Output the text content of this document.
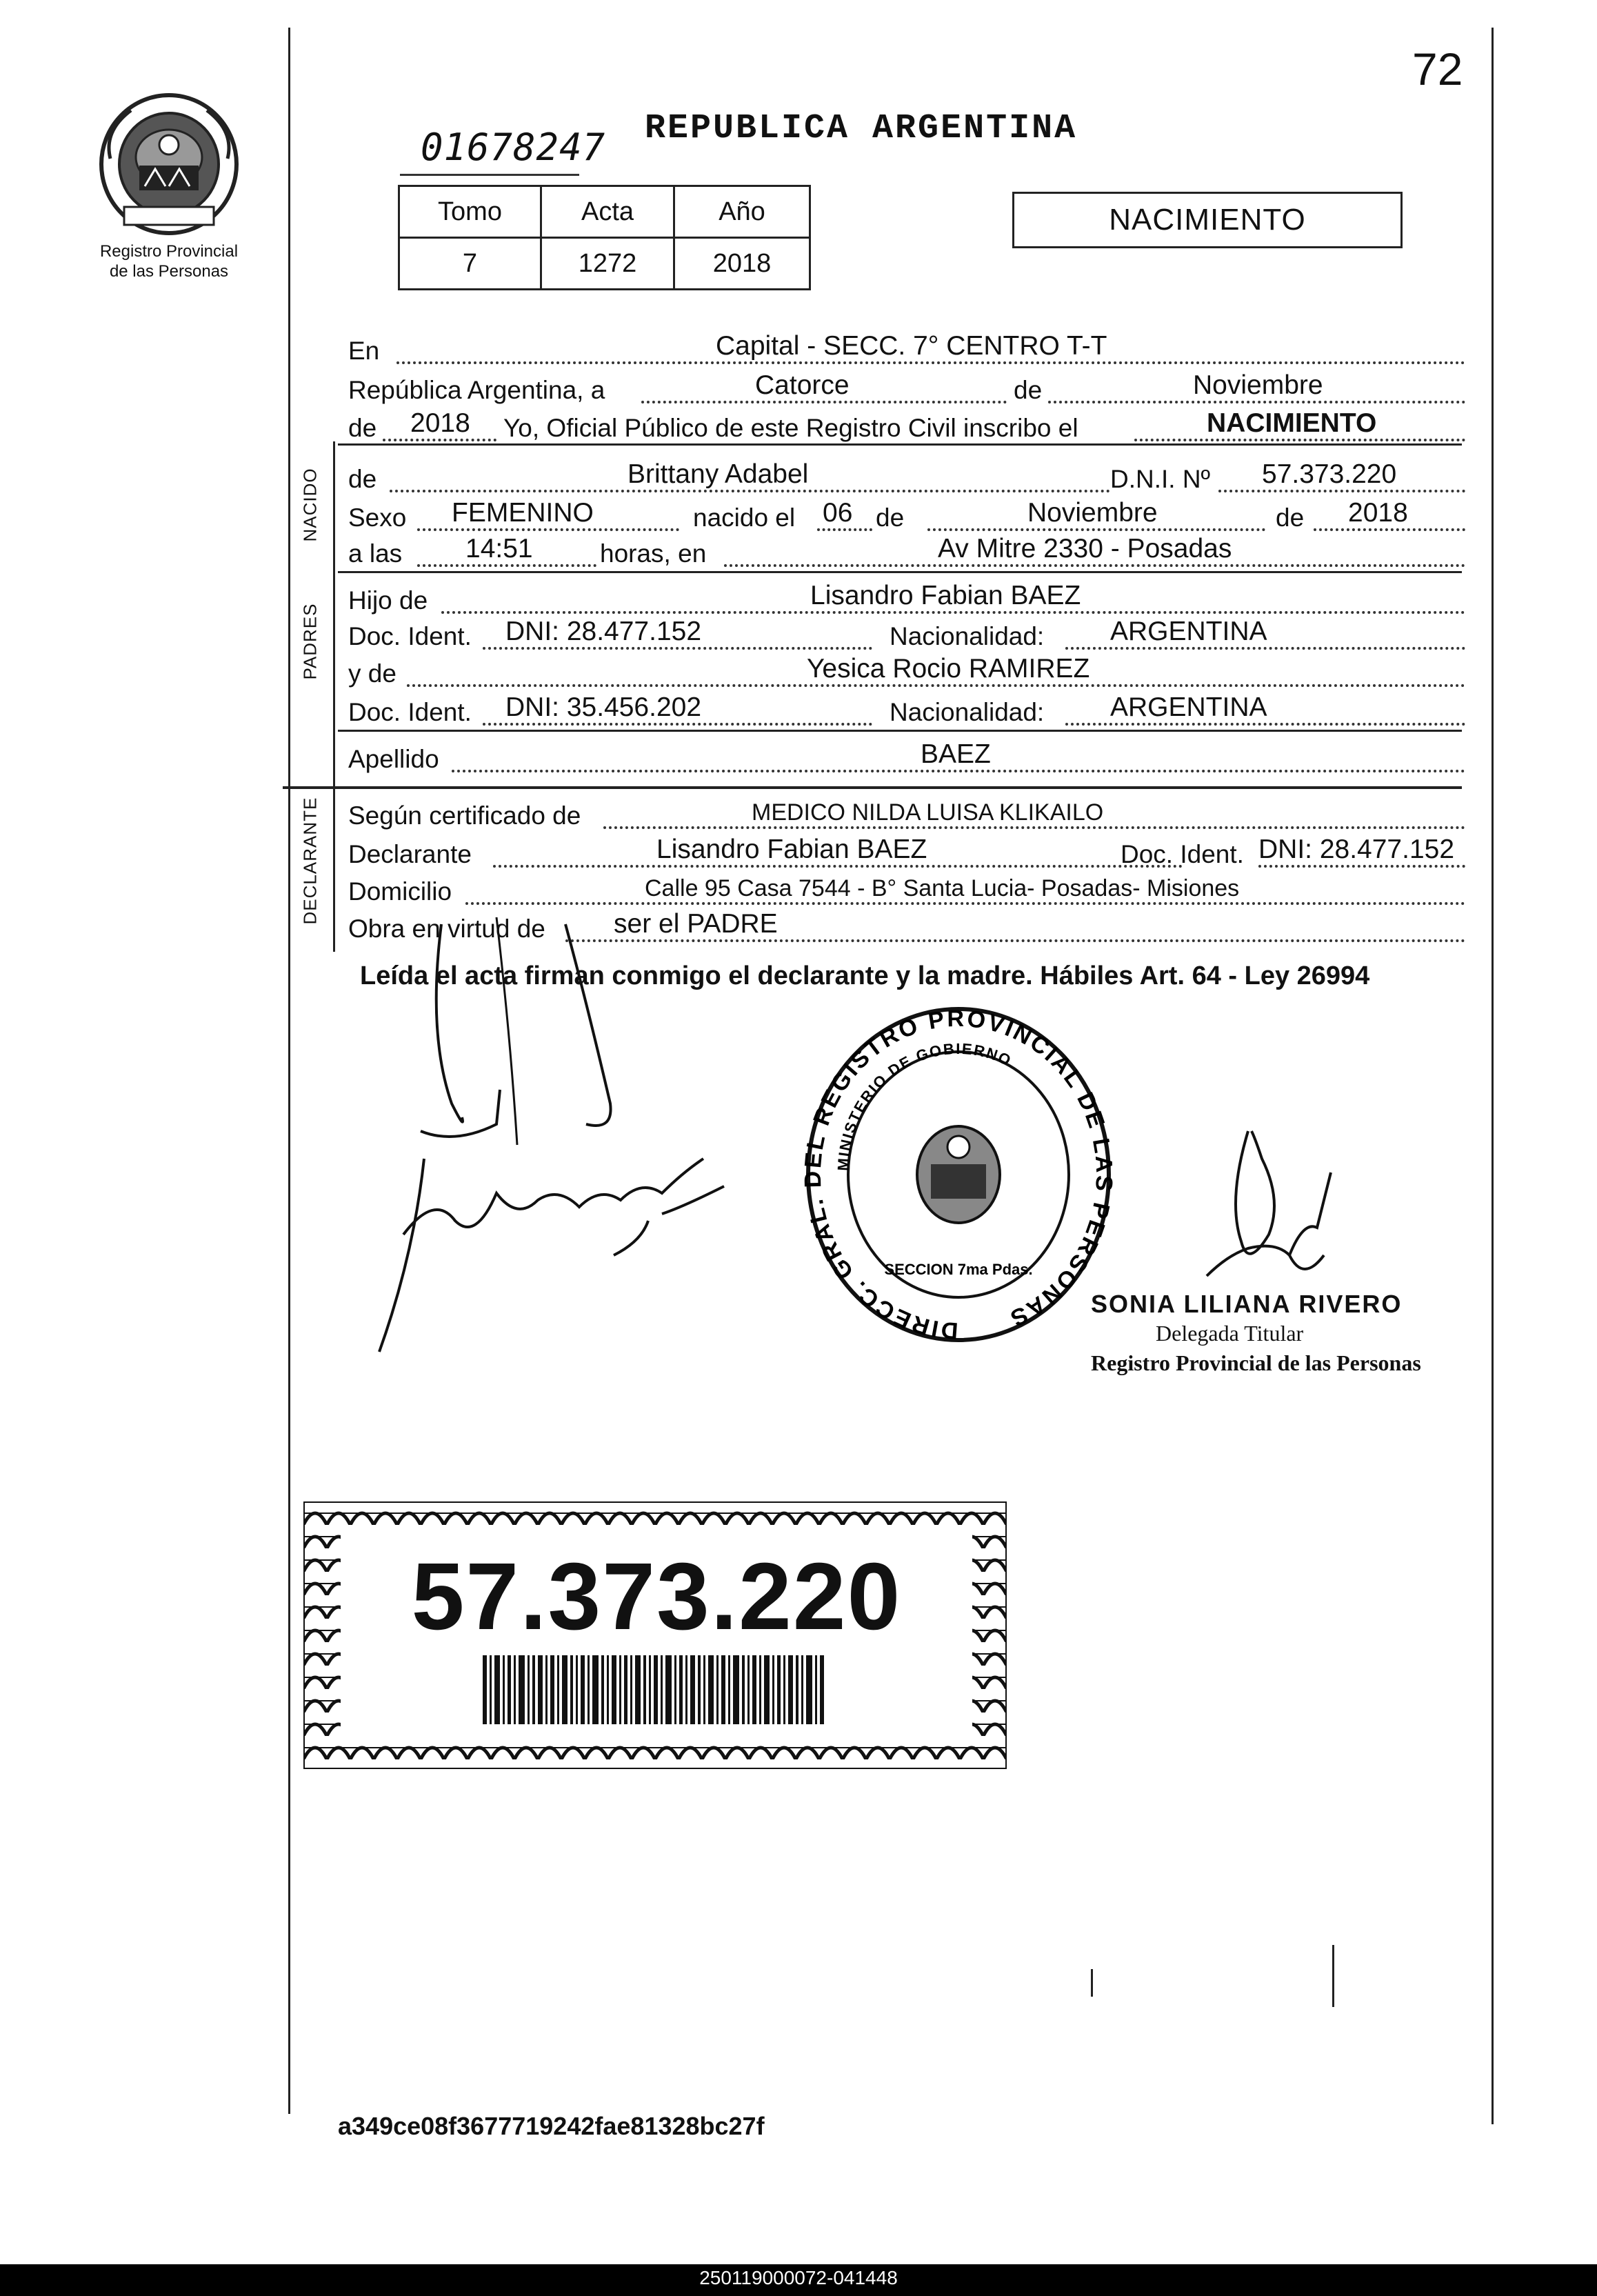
72
Registro Provincial
de las Personas
01678247 REPUBLICA ARGENTINA
Tomo	Acta	Año
7	1272	2018
NACIMIENTO
En	Capital - SECC. 7° CENTRO T-T
República Argentina, a	Catorce	de	Noviembre
de 2018 Yo, Oficial Público de este Registro Civil inscribo el	NACIMIENTO
NACIDO de	Brittany Adabel	D.N.I. Nº 57.373.220
Sexo FEMENINO	nacido el 06 de	Noviembre	de 2018
a las 14:51	horas, en	Av Mitre 2330 - Posadas
PADRES
Hijo de	Lisandro Fabian BAEZ
Doc. Ident. DNI: 28.477.152	Nacionalidad: ARGENTINA
y de	Yesica Rocio RAMIREZ
Doc. Ident. DNI: 35.456.202	Nacionalidad: ARGENTINA
Apellido	BAEZ
DECLARANTE Según certificado de	MEDICO NILDA LUISA KLIKAILO
Declarante	Lisandro Fabian BAEZ	Doc. Ident. DNI: 28.477.152
Domicilio	Calle 95 Casa 7544 - B° Santa Lucia- Posadas- Misiones
Obra en virtud de	ser el PADRE
Leída el acta firman conmigo el declarante y la madre. Hábiles Art. 64 - Ley 26994
DIRECC. GRAL. DEL REGISTRO PROVINCIAL DE LAS PERSONAS
MINISTERIO DE GOBIERNO
SECCION 7ma Pdas.
SONIA LILIANA RIVERO
Delegada Titular
Registro Provincial de las Personas
57.373.220
a349ce08f3677719242fae81328bc27f
250119000072-041448
